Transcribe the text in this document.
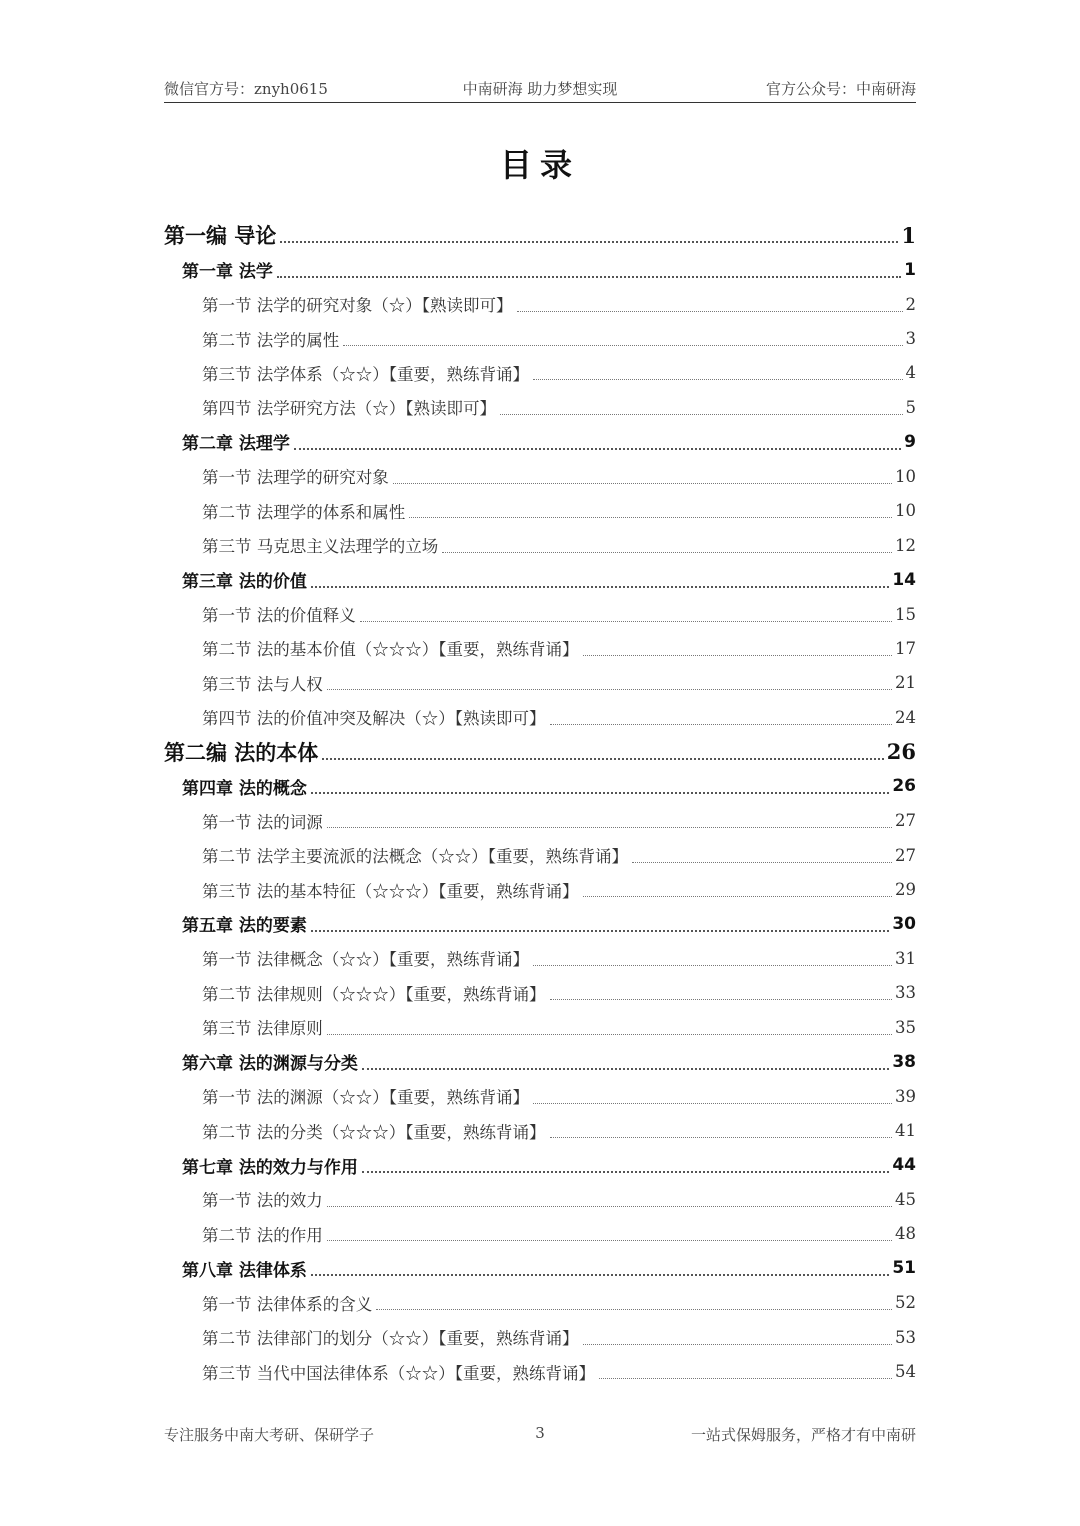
微信官方号：znyh0615	中南研海 助力梦想实现	官方公众号：中南研海
目录
第一编 导论	1
第一章 法学	1
第一节 法学的研究对象（☆）【熟读即可】	2
第二节 法学的属性	3
第三节 法学体系（☆☆）【重要，熟练背诵】	4
第四节 法学研究方法（☆）【熟读即可】	5
第二章 法理学	9
第一节 法理学的研究对象	10
第二节 法理学的体系和属性	10
第三节 马克思主义法理学的立场	12
第三章 法的价值	14
第一节 法的价值释义	15
第二节 法的基本价值（☆☆☆）【重要，熟练背诵】	17
第三节 法与人权	21
第四节 法的价值冲突及解决（☆）【熟读即可】	24
第二编 法的本体	26
第四章 法的概念	26
第一节 法的词源	27
第二节 法学主要流派的法概念（☆☆）【重要，熟练背诵】	27
第三节 法的基本特征（☆☆☆）【重要，熟练背诵】	29
第五章 法的要素	30
第一节 法律概念（☆☆）【重要，熟练背诵】	31
第二节 法律规则（☆☆☆）【重要，熟练背诵】	33
第三节 法律原则	35
第六章 法的渊源与分类	38
第一节 法的渊源（☆☆）【重要，熟练背诵】	39
第二节 法的分类（☆☆☆）【重要，熟练背诵】	41
第七章 法的效力与作用	44
第一节 法的效力	45
第二节 法的作用	48
第八章 法律体系	51
第一节 法律体系的含义	52
第二节 法律部门的划分（☆☆）【重要，熟练背诵】	53
第三节 当代中国法律体系（☆☆）【重要，熟练背诵】	54
专注服务中南大考研、保研学子	3	一站式保姆服务，严格才有中南研
